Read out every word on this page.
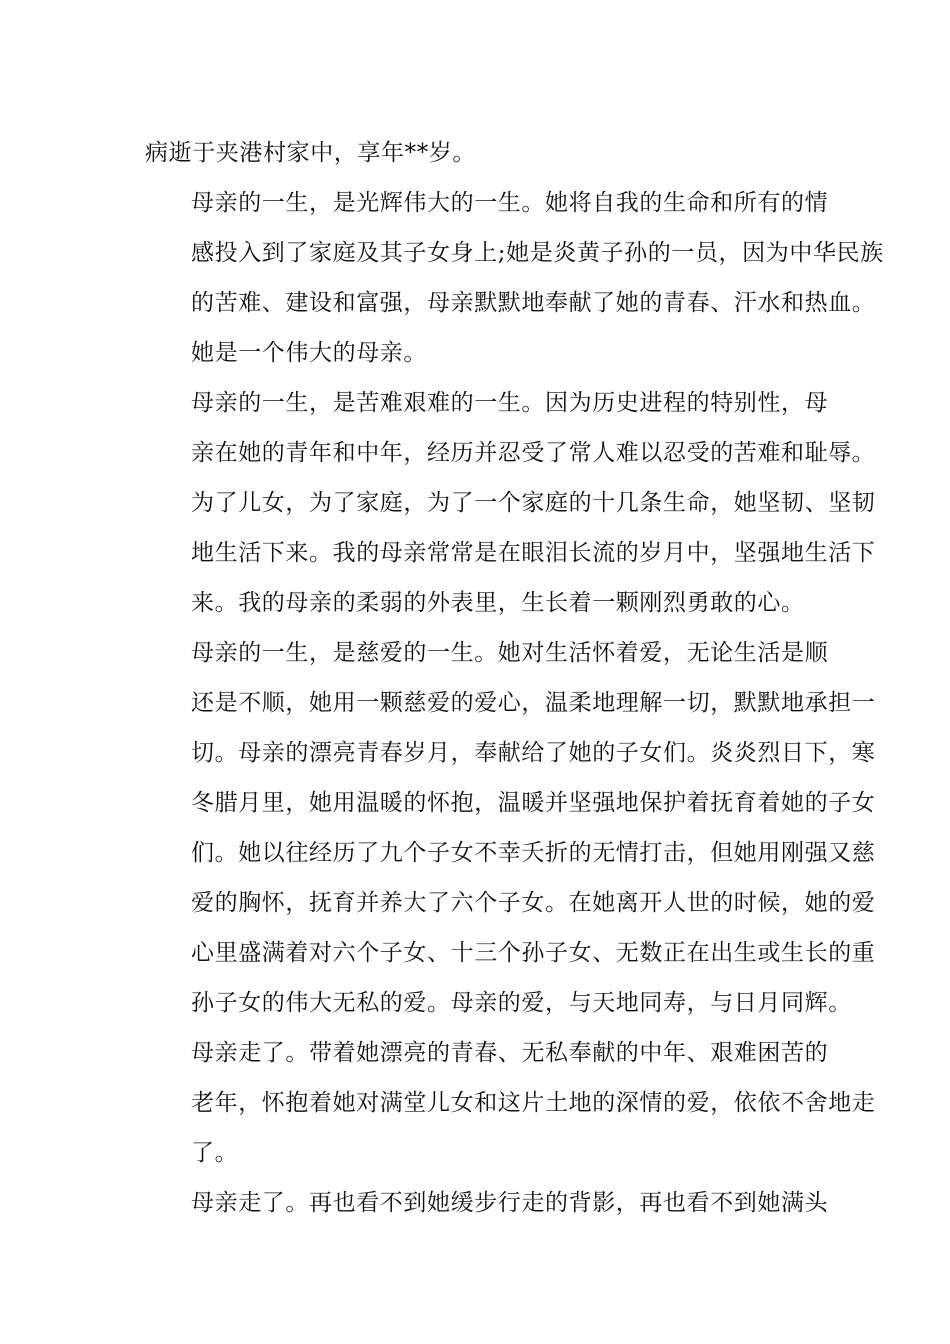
病逝于夹港村家中，享年**岁。

母亲的一生，是光辉伟大的一生。她将自我的生命和所有的情
感投入到了家庭及其子女身上;她是炎黄子孙的一员，因为中华民族
的苦难、建设和富强，母亲默默地奉献了她的青春、汗水和热血。
她是一个伟大的母亲。

母亲的一生，是苦难艰难的一生。因为历史进程的特别性，母
亲在她的青年和中年，经历并忍受了常人难以忍受的苦难和耻辱。
为了儿女，为了家庭，为了一个家庭的十几条生命，她坚韧、坚韧
地生活下来。我的母亲常常是在眼泪长流的岁月中，坚强地生活下
来。我的母亲的柔弱的外表里，生长着一颗刚烈勇敢的心。

母亲的一生，是慈爱的一生。她对生活怀着爱，无论生活是顺
还是不顺，她用一颗慈爱的爱心，温柔地理解一切，默默地承担一
切。母亲的漂亮青春岁月，奉献给了她的子女们。炎炎烈日下，寒
冬腊月里，她用温暖的怀抱，温暖并坚强地保护着抚育着她的子女
们。她以往经历了九个子女不幸夭折的无情打击，但她用刚强又慈
爱的胸怀，抚育并养大了六个子女。在她离开人世的时候，她的爱
心里盛满着对六个子女、十三个孙子女、无数正在出生或生长的重
孙子女的伟大无私的爱。母亲的爱，与天地同寿，与日月同辉。

母亲走了。带着她漂亮的青春、无私奉献的中年、艰难困苦的
老年，怀抱着她对满堂儿女和这片土地的深情的爱，依依不舍地走
了。

母亲走了。再也看不到她缓步行走的背影，再也看不到她满头
